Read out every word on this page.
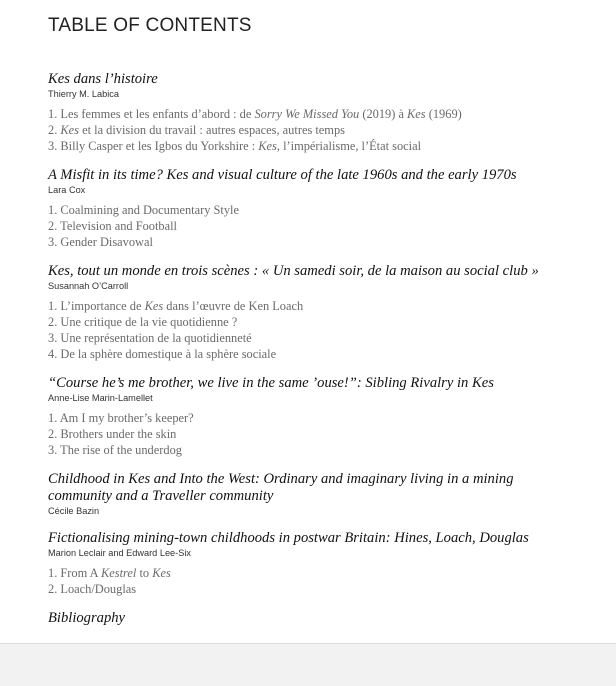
TABLE OF CONTENTS

Kes dans l’histoire

Thierry M. Labica

1. Les femmes et les enfants d’abord : de Sorry We Missed You (2019) à Kes (1969)
2. Kes et la division du travail : autres espaces, autres temps
3. Billy Casper et les Igbos du Yorkshire : Kes, l’impérialisme, l’État social

A Misfit in its time? Kes and visual culture of the late 1960s and the early 1970s

Lara Cox

1. Coalmining and Documentary Style
2. Television and Football
3. Gender Disavowal

Kes, tout un monde en trois scènes : « Un samedi soir, de la maison au social club »

Susannah O’Carroll

1. L’importance de Kes dans l’œuvre de Ken Loach
2. Une critique de la vie quotidienne ?
3. Une représentation de la quotidienneté
4. De la sphère domestique à la sphère sociale

“Course he’s me brother, we live in the same ’ouse!”: Sibling Rivalry in Kes

Anne-Lise Marin-Lamellet

1. Am I my brother’s keeper?
2. Brothers under the skin
3. The rise of the underdog

Childhood in Kes and Into the West: Ordinary and imaginary living in a mining community and a Traveller community

Cécile Bazin

Fictionalising mining-town childhoods in postwar Britain: Hines, Loach, Douglas

Marion Leclair and Edward Lee-Six

1. From A Kestrel to Kes
2. Loach/Douglas

Bibliography
